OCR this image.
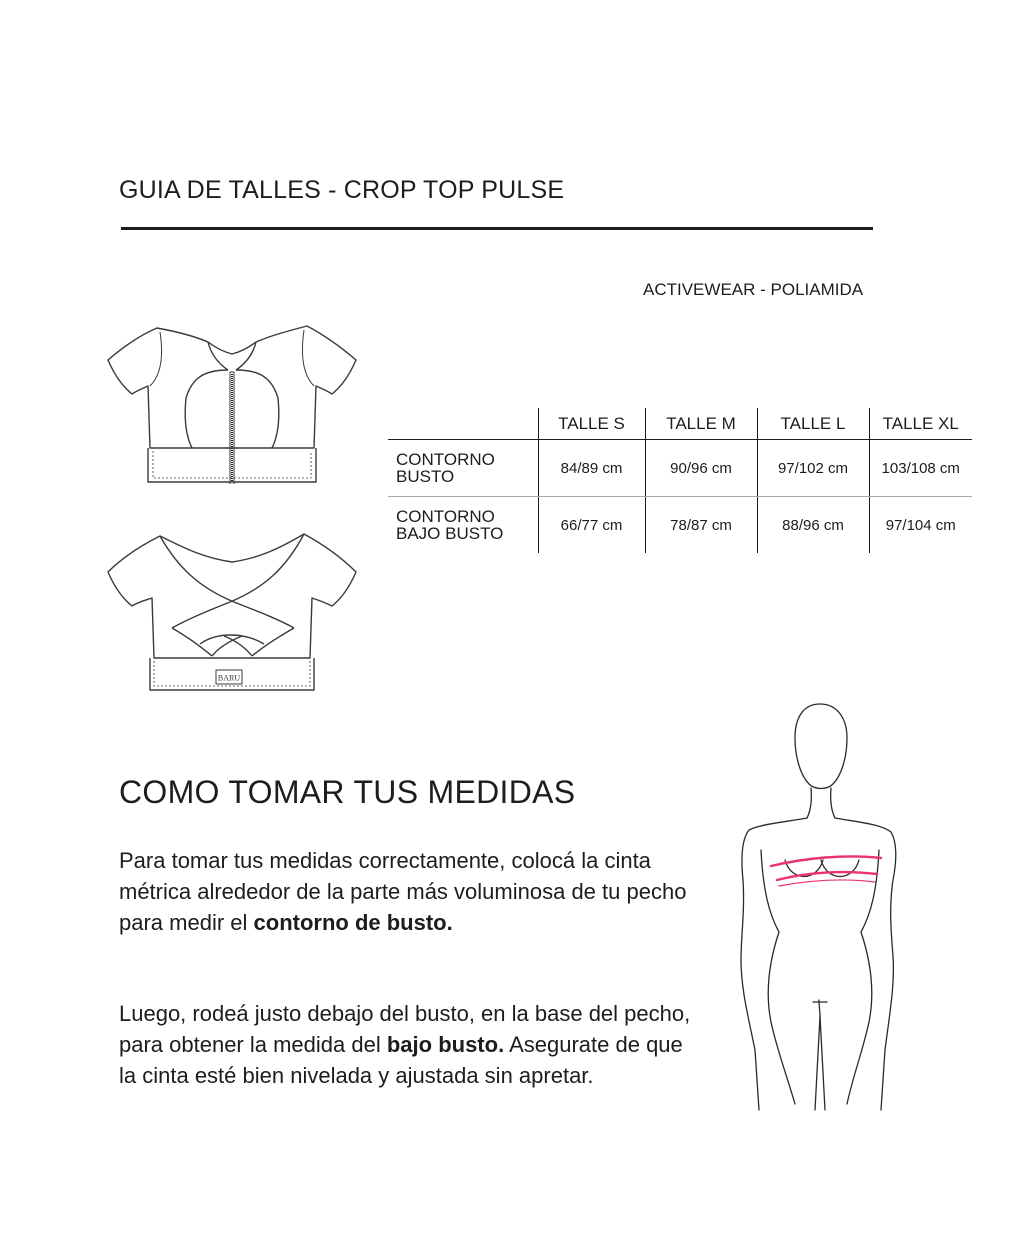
GUIA DE TALLES - CROP TOP PULSE
ACTIVEWEAR - POLIAMIDA
BARU
	TALLE S	TALLE M	TALLE L	TALLE XL

CONTORNO
BUSTO	84/89 cm	90/96 cm	97/102 cm	103/108 cm

CONTORNO
BAJO BUSTO	66/77 cm	78/87 cm	88/96 cm	97/104 cm
COMO TOMAR TUS MEDIDAS

Para tomar tus medidas correctamente, colocá la cinta métrica alrededor de la parte más voluminosa de tu pecho para medir el contorno de busto.

Luego, rodeá justo debajo del busto, en la base del pecho, para obtener la medida del bajo busto. Asegurate de que la cinta esté bien nivelada y ajustada sin apretar.
